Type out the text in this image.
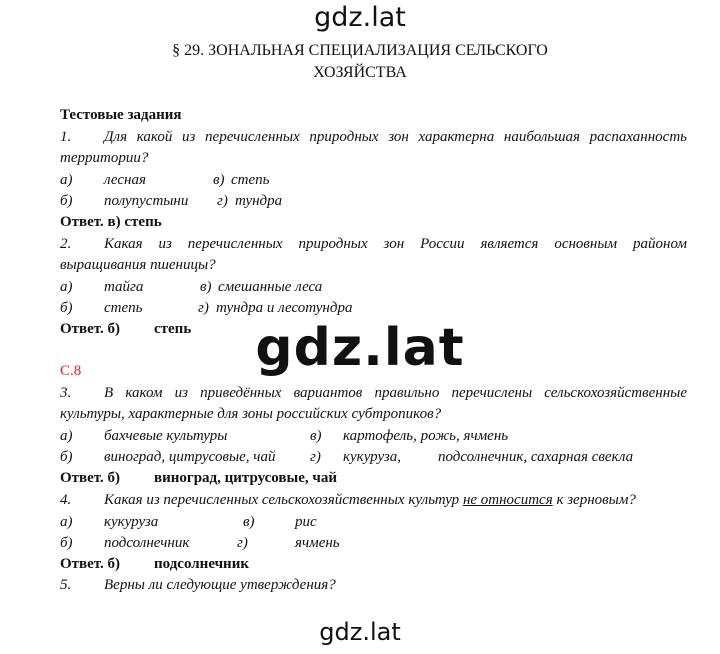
gdz.lat
§ 29. ЗОНАЛЬНАЯ СПЕЦИАЛИЗАЦИЯ СЕЛЬСКОГО
ХОЗЯЙСТВА
Тестовые задания
1. Для какой из перечисленных природных зон характерна наибольшая распаханность
территории?
а) лесная	в) степь
б) полупустыни г) тундра
Ответ. в) степь
2. Какая из перечисленных природных зон России является основным районом
выращивания пшеницы?
а) тайга	в) смешанные леса
б) степь	г) тундра и лесотундра
Ответ. б) степь	gdz.lat
С.8
3. В каком из приведённых вариантов правильно перечислены сельскохозяйственные
культуры, характерные для зоны российских субтропиков?
а) бахчевые культуры	в) картофель, рожь, ячмень
б) виноград, цитрусовые, чай г) кукуруза, подсолнечник, сахарная свекла
Ответ. б) виноград, цитрусовые, чай
4. Какая из перечисленных сельскохозяйственных культур не относится к зерновым?
а) кукуруза	в)	рис
б) подсолнечник	г)	ячмень
Ответ. б) подсолнечник
5. Верны ли следующие утверждения?
gdz.lat
